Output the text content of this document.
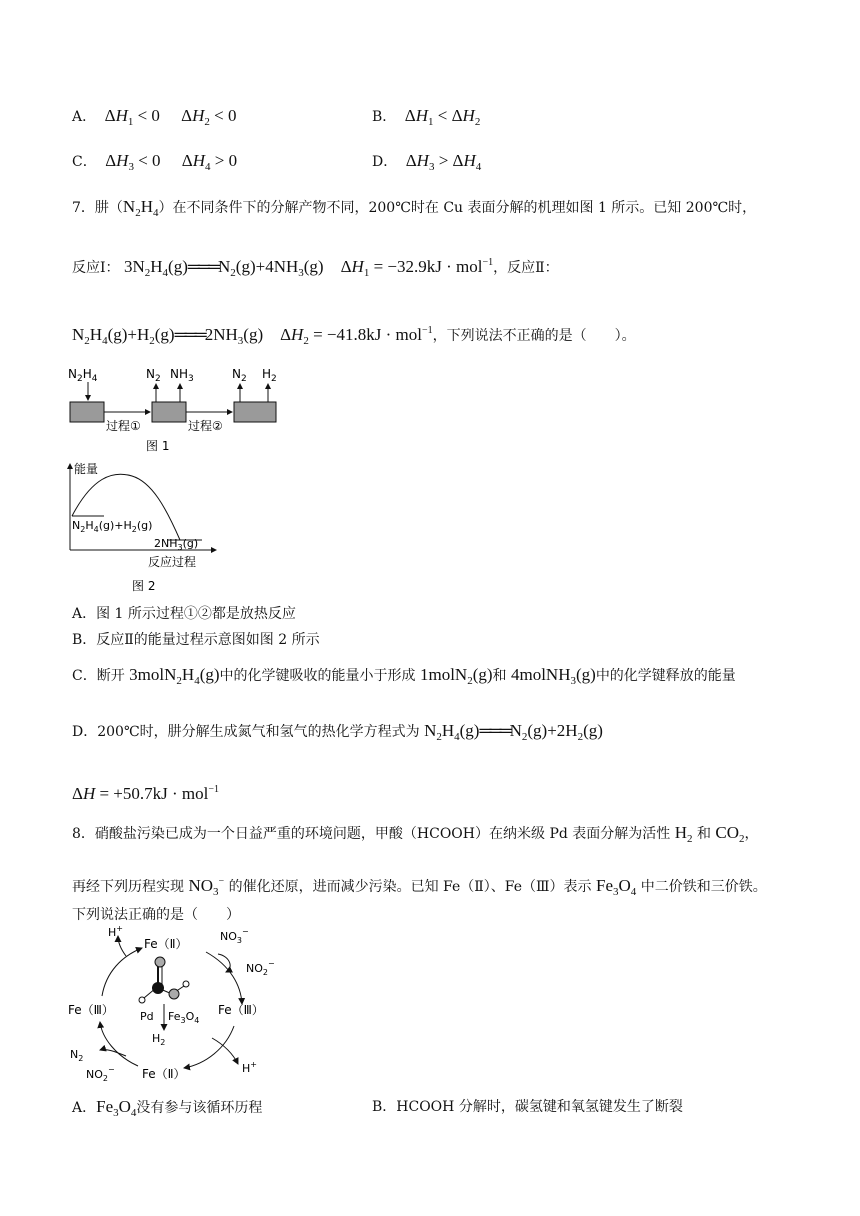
A．  $\Delta H_1 < 0$     $\Delta H_2 < 0$	B．  $\Delta H_1 < \Delta H_2$
C．  $\Delta H_3 < 0$     $\Delta H_4 > 0$	D．  $\Delta H_3 > \Delta H_4$
7．肼$(N_2H_4)$在不同条件下的分解产物不同，200℃时在 Cu 表面分解的机理如图 1 所示。已知 200℃时，
反应Ⅰ： $3N_2H_4(g)═══N_2(g)+4NH_3(g)$    $\Delta H_1 = -32.9kJ \cdot mol^{-1}$，反应Ⅱ：
$N_2H_4(g)+H_2(g)═══2NH_3(g)$    $\Delta H_2 = -41.8kJ \cdot mol^{-1}$，下列说法不正确的是（　　）。
$N_2H_4$
过程①
$N_2$ $NH_3$
过程②
$N_2$ $H_2$
图 1
能量
$N_2H_4(g)+H_2(g)$
$2NH_3(g)$
反应过程
图 2
A．图 1 所示过程①②都是放热反应
B．反应Ⅱ的能量过程示意图如图 2 所示
C．断开 $3molN_2H_4(g)$中的化学键吸收的能量小于形成 1molN$_2$(g)和 4molNH$_3$(g)中的化学键释放的能量
D．200℃时，肼分解生成氮气和氢气的热化学方程式为 $N_2H_4(g)═══N_2(g)+2H_2(g)$
ΔH = +50.7kJ · mol$^{-1}$
8．硝酸盐污染已成为一个日益严重的环境问题，甲酸（HCOOH）在纳米级 Pd 表面分解为活性 $H_2$ 和 $CO_2$，
再经下列历程实现 $NO_3^-$ 的催化还原，进而减少污染。已知 Fe（Ⅱ）、Fe（Ⅲ）表示 $Fe_3O_4$ 中二价铁和三价铁。
下列说法正确的是（　　）
Pd $Fe_3O_4$
$H_2$
Fe（Ⅱ）
Fe（Ⅲ）	Fe（Ⅲ）
Fe（Ⅱ）
H+
H+
$NO_3^-$
$NO_2^-$
$N_2$
$NO_2^-$
A．$Fe_3O_4$没有参与该循环历程	B．HCOOH 分解时，碳氢键和氧氢键发生了断裂
